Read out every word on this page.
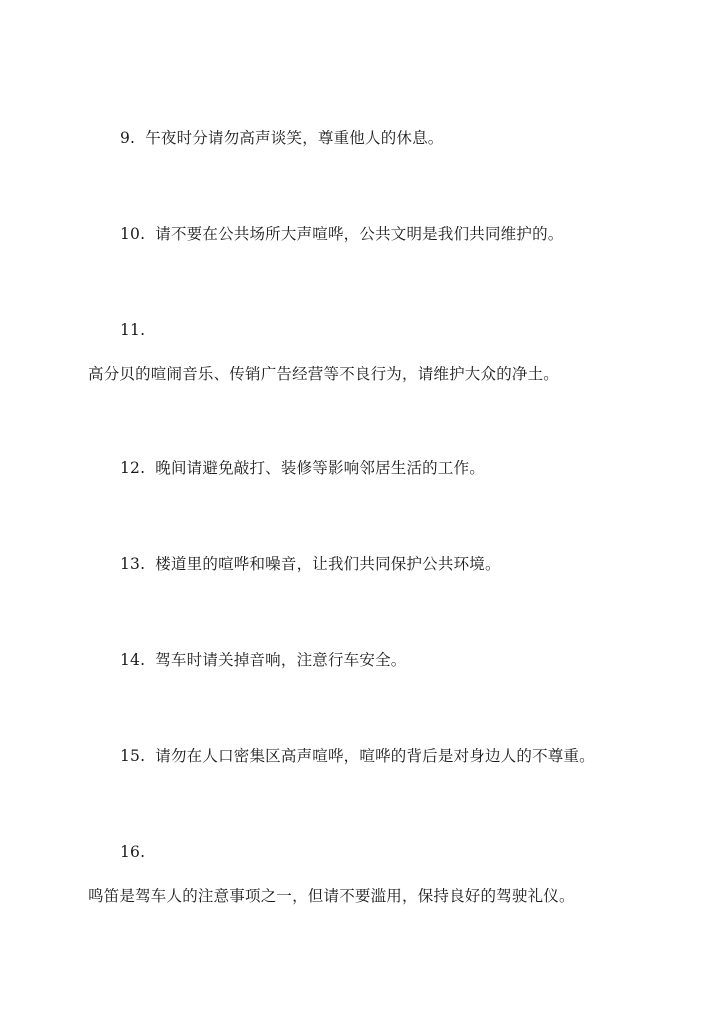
9. 午夜时分请勿高声谈笑，尊重他人的休息。
10. 请不要在公共场所大声喧哗，公共文明是我们共同维护的。
11.
高分贝的喧闹音乐、传销广告经营等不良行为，请维护大众的净土。
12. 晚间请避免敲打、装修等影响邻居生活的工作。
13. 楼道里的喧哗和噪音，让我们共同保护公共环境。
14. 驾车时请关掉音响，注意行车安全。
15. 请勿在人口密集区高声喧哗，喧哗的背后是对身边人的不尊重。
16.
鸣笛是驾车人的注意事项之一，但请不要滥用，保持良好的驾驶礼仪。
